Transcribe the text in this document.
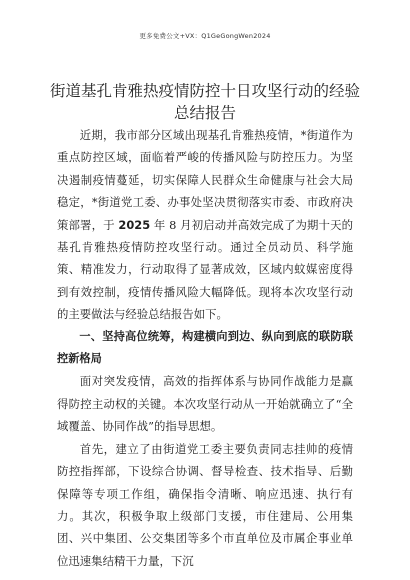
更多免费公文+VX：Q1GeGongWen2024
街道基孔肯雅热疫情防控十日攻坚行动的经验总结报告

近期，我市部分区域出现基孔肯雅热疫情，*街道作为重点防控区域，面临着严峻的传播风险与防控压力。为坚决遏制疫情蔓延，切实保障人民群众生命健康与社会大局稳定，*街道党工委、办事处坚决贯彻落实市委、市政府决策部署，于 2025 年 8 月初启动并高效完成了为期十天的基孔肯雅热疫情防控攻坚行动。通过全员动员、科学施策、精准发力，行动取得了显著成效，区域内蚊媒密度得到有效控制，疫情传播风险大幅降低。现将本次攻坚行动的主要做法与经验总结报告如下。

一、坚持高位统筹，构建横向到边、纵向到底的联防联控新格局

面对突发疫情，高效的指挥体系与协同作战能力是赢得防控主动权的关键。本次攻坚行动从一开始就确立了“全域覆盖、协同作战”的指导思想。

首先，建立了由街道党工委主要负责同志挂帅的疫情防控指挥部，下设综合协调、督导检查、技术指导、后勤保障等专项工作组，确保指令清晰、响应迅速、执行有力。其次，积极争取上级部门支援，市住建局、公用集团、兴中集团、公交集团等多个市直单位及市属企事业单位迅速集结精干力量，下沉
